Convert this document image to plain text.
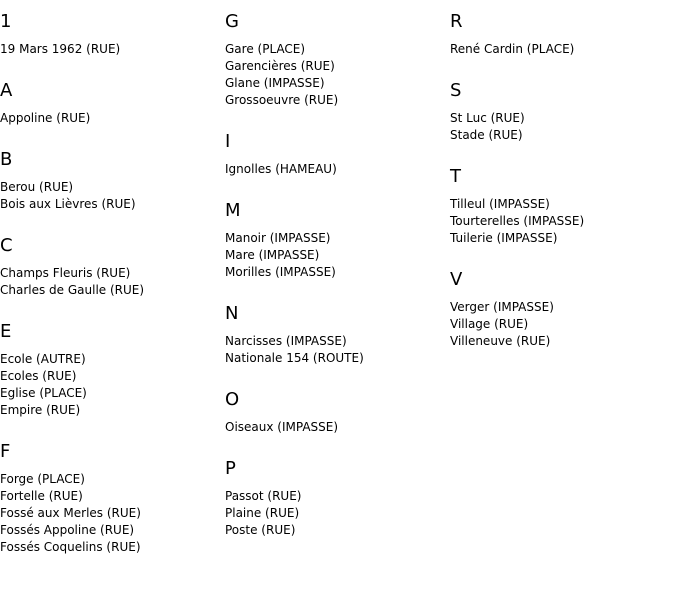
1
19 Mars 1962 (RUE)
A
Appoline (RUE)
B
Berou (RUE)
Bois aux Lièvres (RUE)
C
Champs Fleuris (RUE)
Charles de Gaulle (RUE)
E
Ecole (AUTRE)
Ecoles (RUE)
Eglise (PLACE)
Empire (RUE)
F
Forge (PLACE)
Fortelle (RUE)
Fossé aux Merles (RUE)
Fossés Appoline (RUE)
Fossés Coquelins (RUE)
G
Gare (PLACE)
Garencières (RUE)
Glane (IMPASSE)
Grossoeuvre (RUE)
I
Ignolles (HAMEAU)
M
Manoir (IMPASSE)
Mare (IMPASSE)
Morilles (IMPASSE)
N
Narcisses (IMPASSE)
Nationale 154 (ROUTE)
O
Oiseaux (IMPASSE)
P
Passot (RUE)
Plaine (RUE)
Poste (RUE)
R
René Cardin (PLACE)
S
St Luc (RUE)
Stade (RUE)
T
Tilleul (IMPASSE)
Tourterelles (IMPASSE)
Tuilerie (IMPASSE)
V
Verger (IMPASSE)
Village (RUE)
Villeneuve (RUE)
